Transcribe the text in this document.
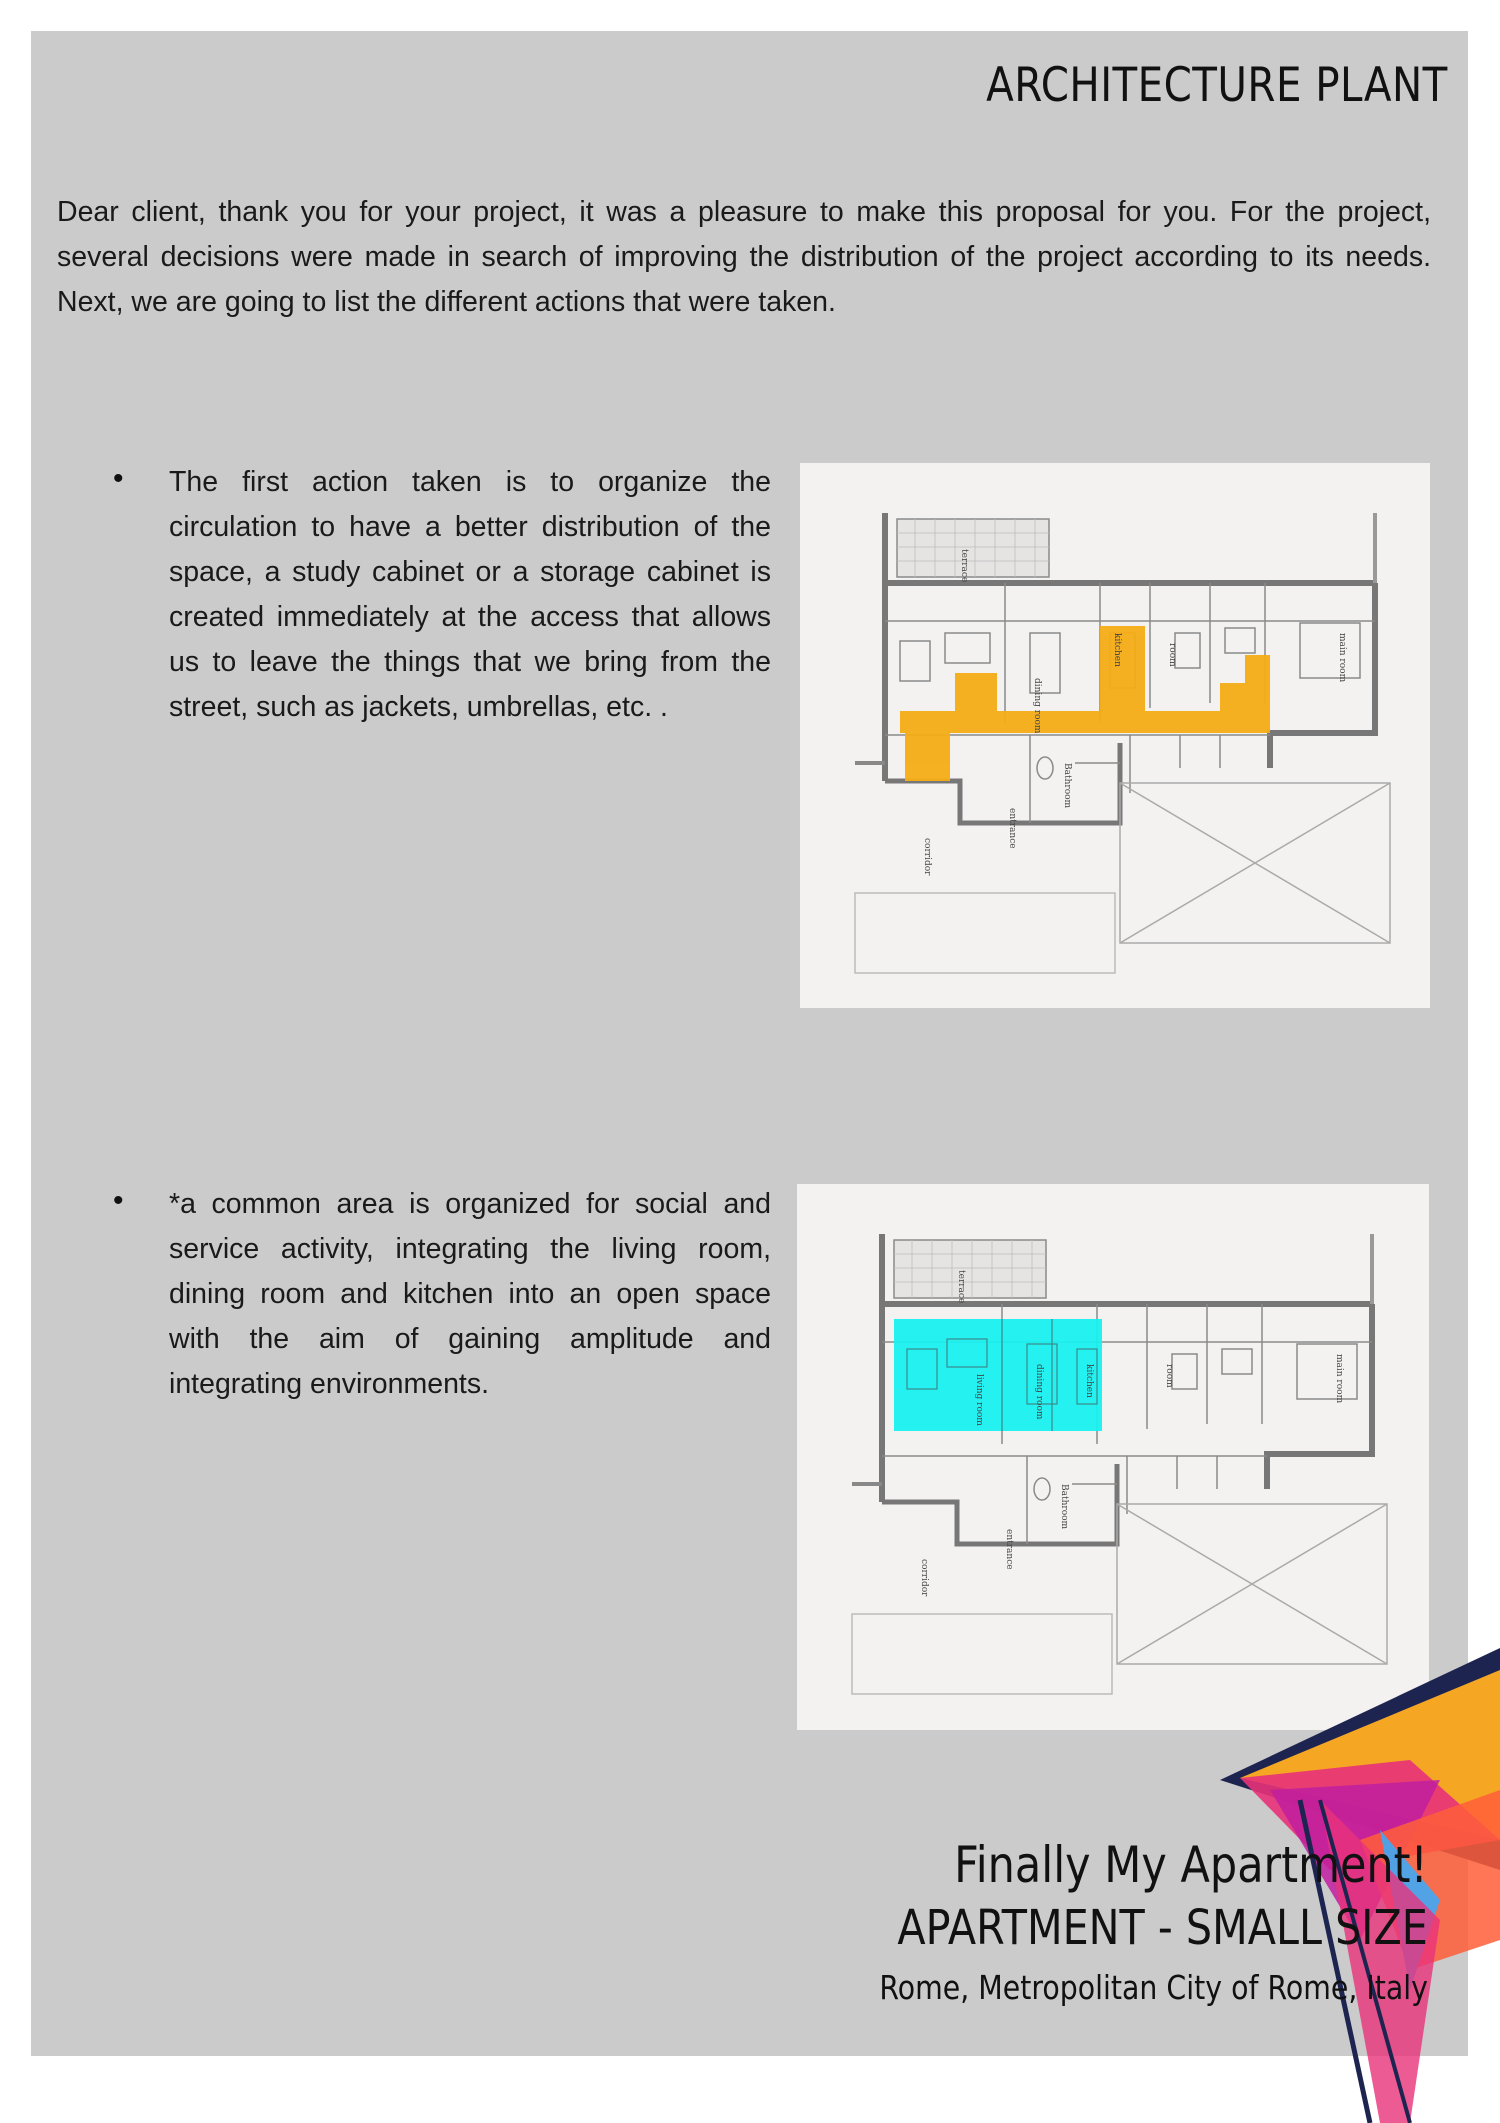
ARCHITECTURE PLANT
Dear client, thank you for your project, it was a pleasure to make this proposal for you. For the project, several decisions were made in search of improving the distribution of the project according to its needs. Next, we are going to list the different actions that were taken.
• The first action taken is to organize the circulation to have a better distribution of the space, a study cabinet or a storage cabinet is created immediately at the access that allows us to leave the things that we bring from the street, such as jackets, umbrellas, etc. .	dining room
kitchen	room	main room
Bathroom
terrace
corridor
entrance
• *a common area is organized for social and service activity, integrating the living room, dining room and kitchen into an open space with the aim of gaining amplitude and integrating environments.	living room	dining room	kitchen	room	main room
Bathroom
terrace
corridor
entrance
Finally My Apartment!
APARTMENT - SMALL SIZE
Rome, Metropolitan City of Rome, Italy
